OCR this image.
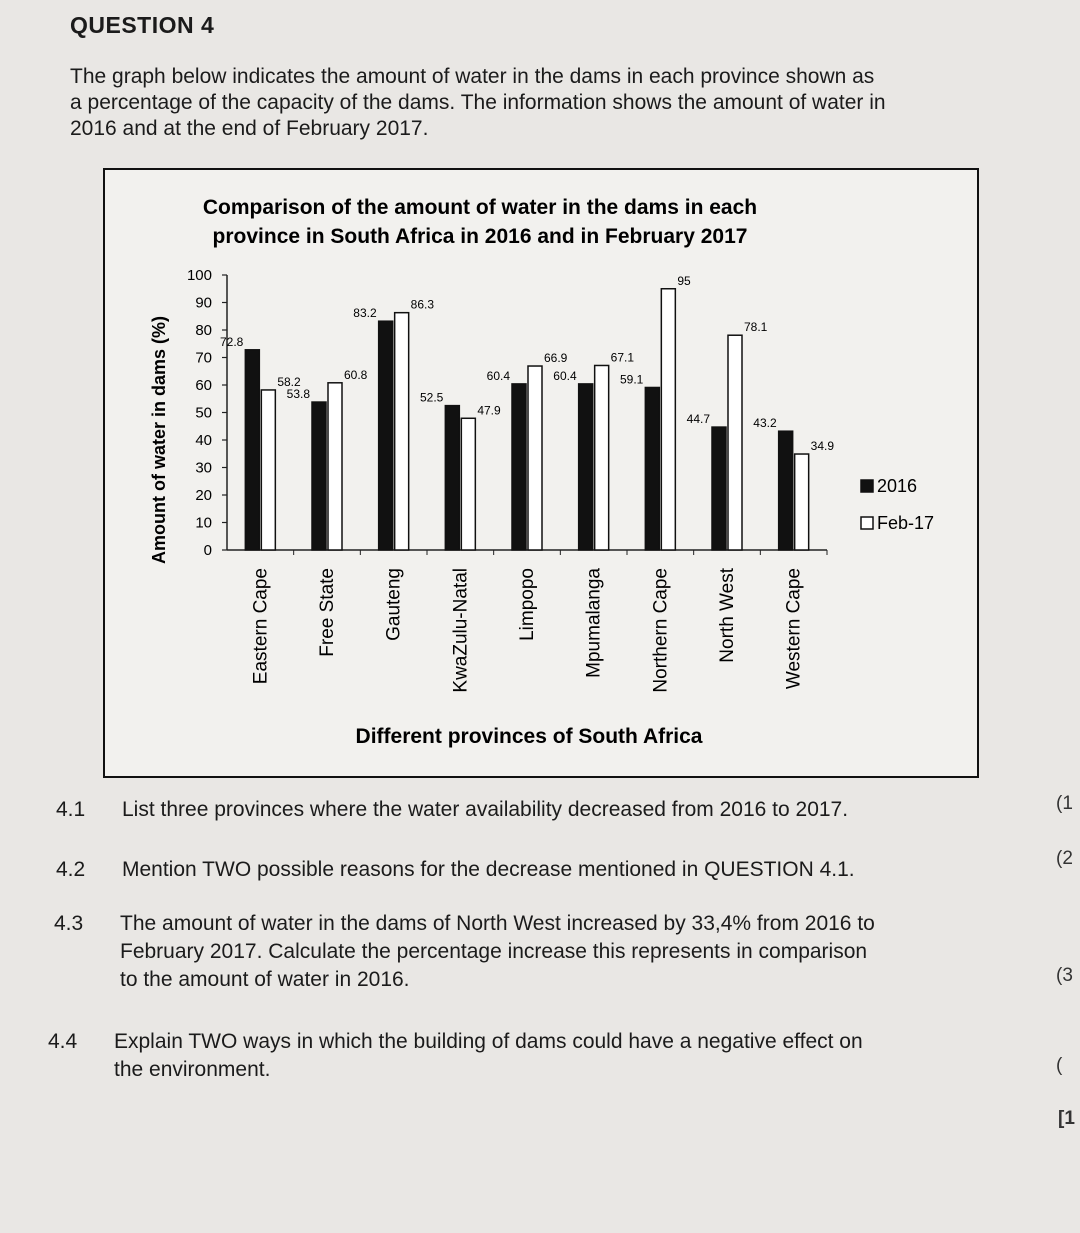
QUESTION 4
The graph below indicates the amount of water in the dams in each province shown as
a percentage of the capacity of the dams. The information shows the amount of water in
2016 and at the end of February 2017.
Comparison of the amount of water in the dams in each
province in South Africa in 2016 and in February 2017
Amount of water in dams (%)
Different provinces of South Africa
0
10
20
30
40
50
60
70
80
90
100
72.8
58.2
Eastern Cape
53.8
60.8
Free State
83.2
86.3
Gauteng
52.5
47.9
KwaZulu-Natal
60.4
66.9
Limpopo
60.4
67.1
Mpumalanga
59.1
95
Northern Cape
44.7
78.1
North West
43.2
34.9
Western Cape
2016
Feb-17
4.1 List three provinces where the water availability decreased from 2016 to 2017.	(1
4.2 Mention TWO possible reasons for the decrease mentioned in QUESTION 4.1.	(2
4.3 The amount of water in the dams of North West increased by 33,4% from 2016 to
February 2017. Calculate the percentage increase this represents in comparison
to the amount of water in 2016.	(3
4.4 Explain TWO ways in which the building of dams could have a negative effect on
the environment.	(
[1
